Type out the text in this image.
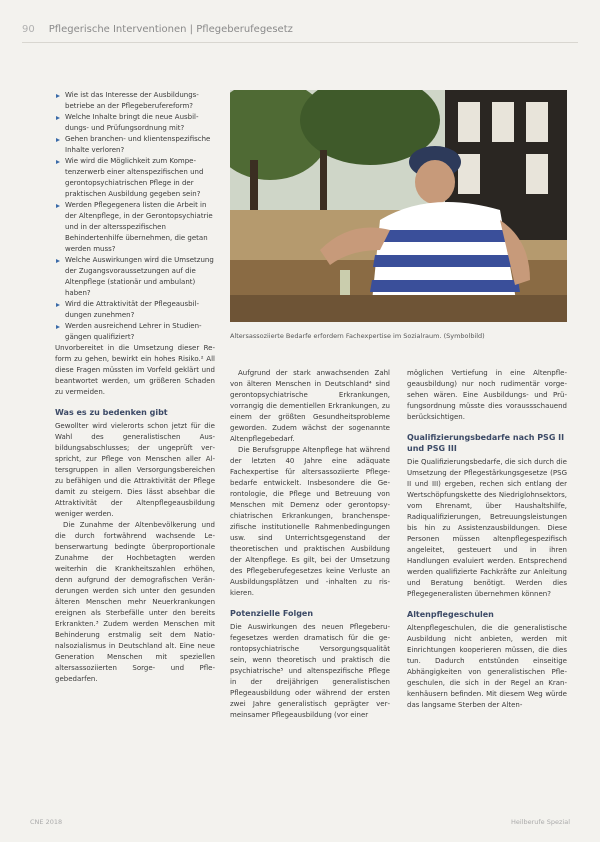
90 Pflegerische Interventionen | Pflegeberufegesetz
Wie ist das Interesse der Ausbildungsbetriebe an der Pflegeberufereform?
Welche Inhalte bringt die neue Ausbildungs- und Prüfungsordnung mit?
Gehen branchen- und klientenspezifische Inhalte verloren?
Wie wird die Möglichkeit zum Kompetenzerwerb einer altenspezifischen und gerontopsychiatrischen Pflege in der praktischen Ausbildung gegeben sein?
Werden Pflegegenera listen die Arbeit in der Altenpflege, in der Gerontopsychiatrie und in der altersspezifischen Behindertenhilfe übernehmen, die getan werden muss?
Welche Auswirkungen wird die Umsetzung der Zugangsvoraussetzungen auf die Altenpflege (stationär und ambulant) haben?
Wird die Attraktivität der Pflegeausbildungen zunehmen?
Werden ausreichend Lehrer in Studiengängen qualifiziert?

Unvorbereitet in die Umsetzung dieser Reform zu gehen, bewirkt ein hohes Risiko.² All diese Fragen müssten im Vorfeld geklärt und beantwortet werden, um größeren Schaden zu vermeiden.

Was es zu bedenken gibt

Gewollter wird vielerorts schon jetzt für die Wahl des generalistischen Ausbildungsabschlusses; der ungeprüft verspricht, zur Pflege von Menschen aller Altersgruppen in allen Versorgungsbereichen zu befähigen und die Attraktivität der Pflege damit zu steigern. Dies lässt absehbar die Attraktivität der Altenpflegeausbildung weniger werden.

Die Zunahme der Altenbevölkerung und die durch fortwährend wachsende Lebenserwartung bedingte überproportionale Zunahme der Hochbetagten werden weiterhin die Krankheitszahlen erhöhen, denn aufgrund der demografischen Veränderungen werden sich unter den gesunden älteren Menschen mehr Neuerkrankungen ereignen als Sterbefälle unter den bereits Erkrankten.³ Zudem werden Menschen mit Behinderung erstmalig seit dem Nationalsozialismus in Deutschland alt. Eine neue Generation Menschen mit speziellen altersassoziierten Sorge- und Pflegebedarfen.

Altersassoziierte Bedarfe erfordern Fachexpertise im Sozialraum. (Symbolbild)

Aufgrund der stark anwachsenden Zahl von älteren Menschen in Deutschland⁴ sind gerontopsychiatrische Erkrankungen, vorrangig die dementiellen Erkrankungen, zu einem der größten Gesundheitsprobleme geworden. Zudem wächst der sogenannte Altenpflegebedarf.

Die Berufsgruppe Altenpflege hat während der letzten 40 Jahre eine adäquate Fachexpertise für altersassoziierte Pflegebedarfe entwickelt. Insbesondere die Gerontologie, die Pflege und Betreuung von Menschen mit Demenz oder gerontopsychiatrischen Erkrankungen, branchenspezifische institutionelle Rahmenbedingungen usw. sind Unterrichtsgegenstand der theoretischen und praktischen Ausbildung der Altenpflege. Es gilt, bei der Umsetzung des Pflegeberufegesetzes keine Verluste an Ausbildungsplätzen und -inhalten zu riskieren.

Potenzielle Folgen

Die Auswirkungen des neuen Pflegeberufegesetzes werden dramatisch für die gerontopsychiatrische Versorgungsqualität sein, wenn theoretisch und praktisch die psychiatrische⁵ und altenspezifische Pflege in der dreijährigen generalistischen Pflegeausbildung oder während der ersten zwei Jahre generalistisch geprägter vermeinsamer Pflegeausbildung (vor einer

möglichen Vertiefung in eine Altenpflegeausbildung) nur noch rudimentär vorgesehen wären. Eine Ausbildungs- und Prüfungsordnung müsste dies voraussschauend berücksichtigen.

Qualifizierungsbedarfe nach PSG II und PSG III

Die Qualifizierungsbedarfe, die sich durch die Umsetzung der Pflegestärkungsgesetze (PSG II und III) ergeben, rechen sich entlang der Wertschöpfungskette des Niedriglohnsektors, vom Ehrenamt, über Haushaltshilfe, Radiqualifizierungen, Betreuungsleistungen bis hin zu Assistenzausbildungen. Diese Personen müssen altenpflegespezifisch angeleitet, gesteuert und in ihren Handlungen evaluiert werden. Entsprechend werden qualifizierte Fachkräfte zur Anleitung und Beratung benötigt. Werden dies Pflegegeneralisten übernehmen können?

Altenpflegeschulen

Altenpflegeschulen, die die generalistische Ausbildung nicht anbieten, werden mit Einrichtungen kooperieren müssen, die dies tun. Dadurch entstünden einseitige Abhängigkeiten von generalistischen Pflegeschulen, die sich in der Regel an Krankenhäusern befinden. Mit diesem Weg würde das langsame Sterben der Alten-

CNE 2018	Heilberufe Spezial
